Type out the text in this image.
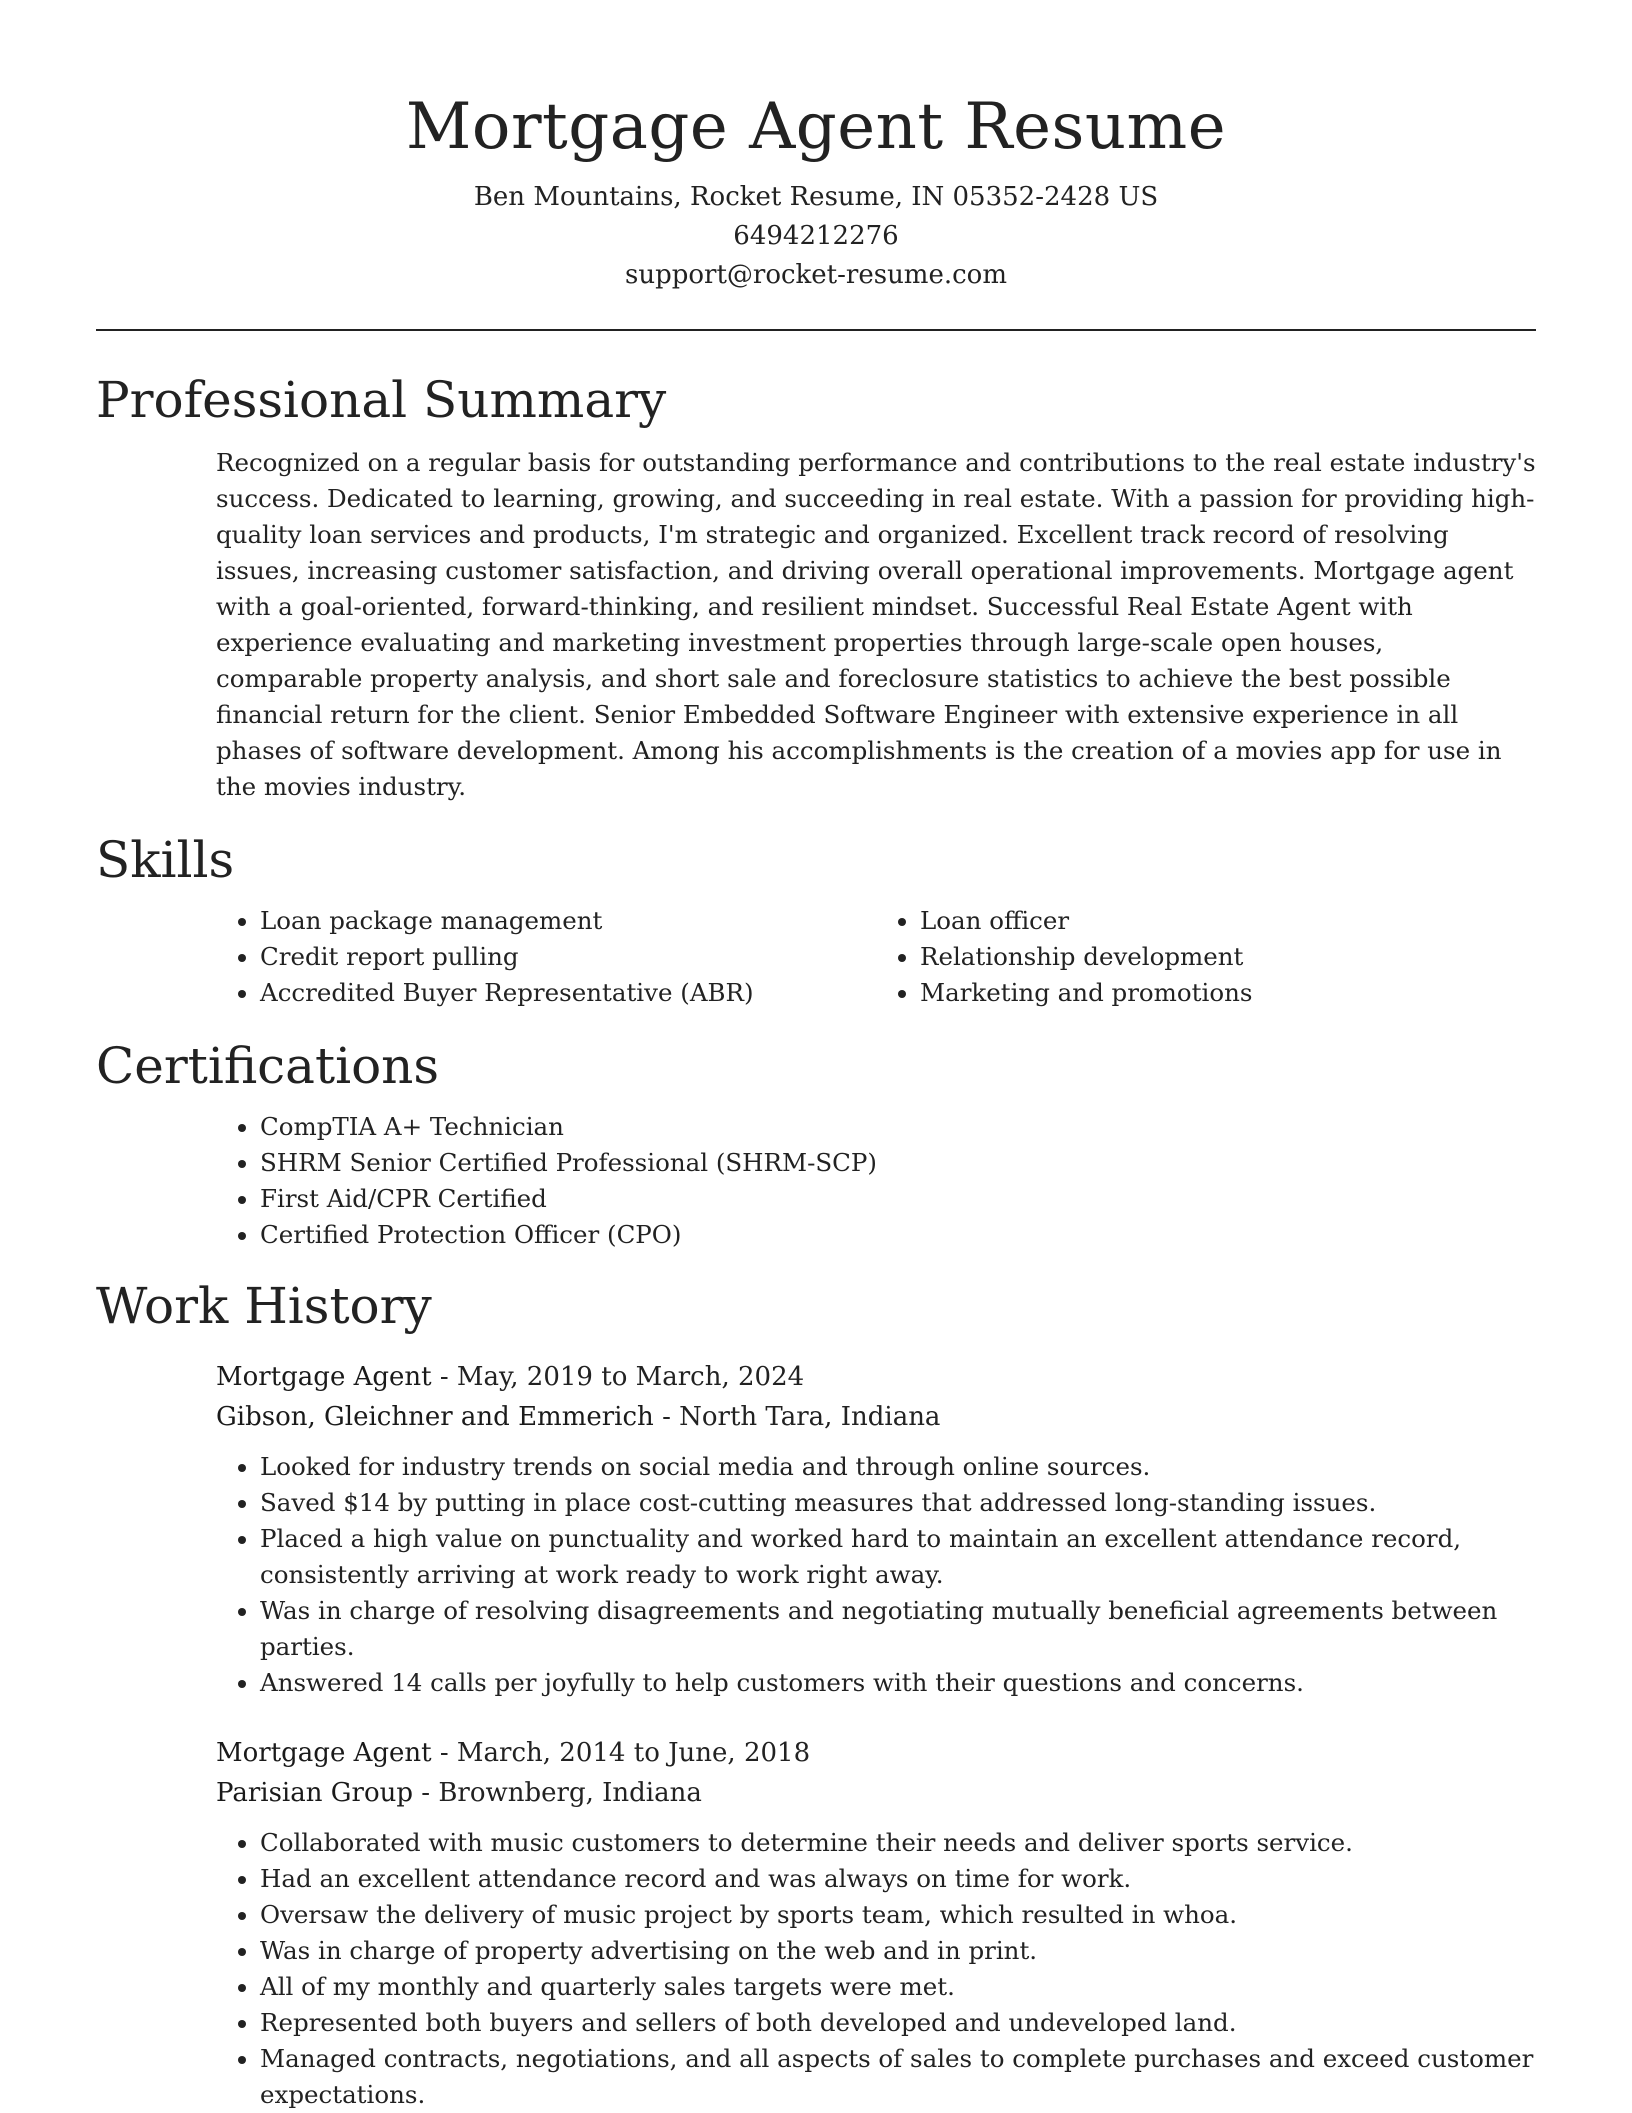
Mortgage Agent Resume

Ben Mountains, Rocket Resume, IN 05352-2428 US

6494212276

support@rocket-resume.com

Professional Summary

Recognized on a regular basis for outstanding performance and contributions to the real estate industry's success. Dedicated to learning, growing, and succeeding in real estate. With a passion for providing high-quality loan services and products, I'm strategic and organized. Excellent track record of resolving issues, increasing customer satisfaction, and driving overall operational improvements. Mortgage agent with a goal-oriented, forward-thinking, and resilient mindset. Successful Real Estate Agent with experience evaluating and marketing investment properties through large-scale open houses, comparable property analysis, and short sale and foreclosure statistics to achieve the best possible financial return for the client. Senior Embedded Software Engineer with extensive experience in all phases of software development. Among his accomplishments is the creation of a movies app for use in the movies industry.

Skills
• Loan package management
• Credit report pulling
• Accredited Buyer Representative (ABR)
• Loan officer
• Relationship development
• Marketing and promotions
Certifications
• CompTIA A+ Technician
• SHRM Senior Certified Professional (SHRM-SCP)
• First Aid/CPR Certified
• Certified Protection Officer (CPO)
Work History

Mortgage Agent - May, 2019 to March, 2024

Gibson, Gleichner and Emmerich - North Tara, Indiana

• Looked for industry trends on social media and through online sources.
• Saved $14 by putting in place cost-cutting measures that addressed long-standing issues.
• Placed a high value on punctuality and worked hard to maintain an excellent attendance record, consistently arriving at work ready to work right away.
• Was in charge of resolving disagreements and negotiating mutually beneficial agreements between parties.
• Answered 14 calls per joyfully to help customers with their questions and concerns.

Mortgage Agent - March, 2014 to June, 2018

Parisian Group - Brownberg, Indiana

• Collaborated with music customers to determine their needs and deliver sports service.
• Had an excellent attendance record and was always on time for work.
• Oversaw the delivery of music project by sports team, which resulted in whoa.
• Was in charge of property advertising on the web and in print.
• All of my monthly and quarterly sales targets were met.
• Represented both buyers and sellers of both developed and undeveloped land.
• Managed contracts, negotiations, and all aspects of sales to complete purchases and exceed customer expectations.
